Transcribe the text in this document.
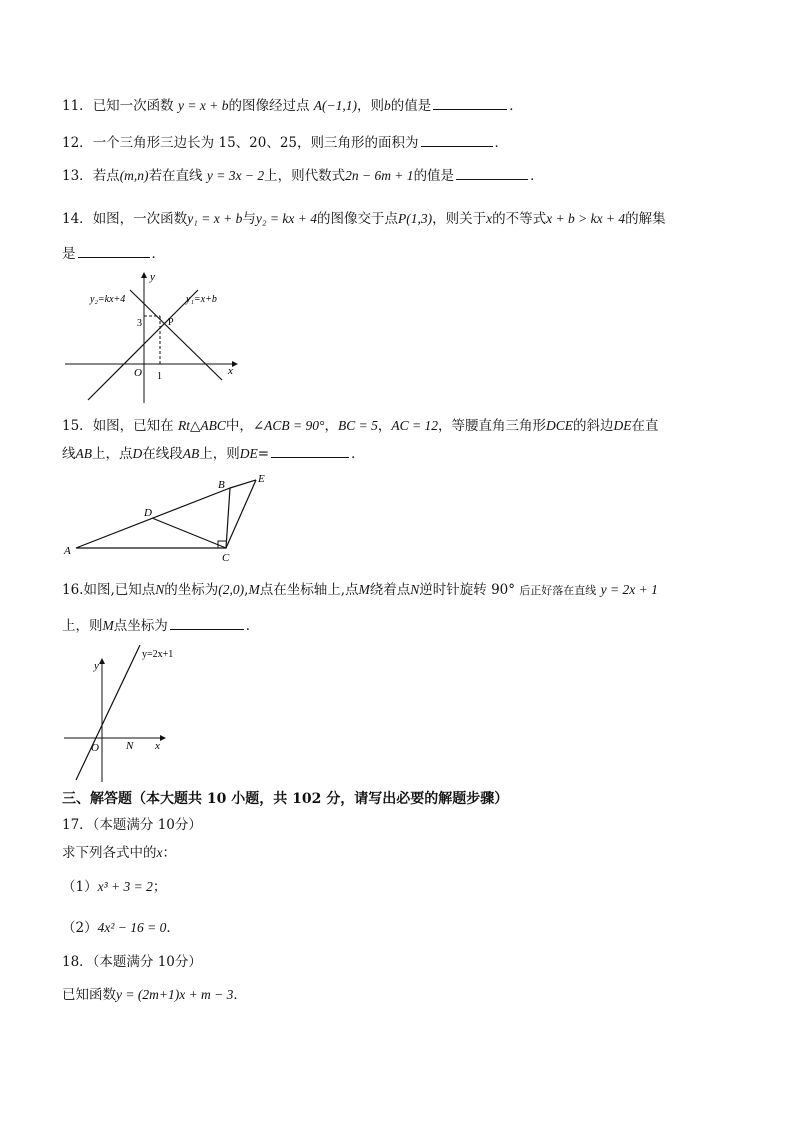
11．已知一次函数 y = x + b的图像经过点 A(−1,1)，则b的值是	．
12．一个三角形三边长为 15、20、25，则三角形的面积为	．
13．若点(m,n)若在直线 y = 3x − 2上，则代数式2n − 6m + 1的值是	．
14．如图，一次函数y₁ = x + b与y₂ = kx + 4的图像交于点P(1,3)，则关于x的不等式x + b > kx + 4的解集
是	．
y₂=kx+4	y₁=x+b
y
x
O 1
3	P
15．如图，已知在 Rt△ABC中，∠ACB = 90°，BC = 5，AC = 12，等腰直角三角形DCE的斜边DE在直
线AB上，点D在线段AB上，则DE=	．
A
B
C
D
E
16.如图,已知点N的坐标为(2,0),M点在坐标轴上,点M绕着点N逆时针旋转 90° 后正好落在直线 y = 2x + 1
上，则M点坐标为	．
y=2x+1
y
x
O N
三、解答题（本大题共 10 小题，共 102 分，请写出必要的解题步骤）
17．（本题满分 10分）
求下列各式中的x：
（1）x³ + 3 = 2；
（2）4x² − 16 = 0．
18．（本题满分 10分）
已知函数y = (2m+1)x + m − 3．
